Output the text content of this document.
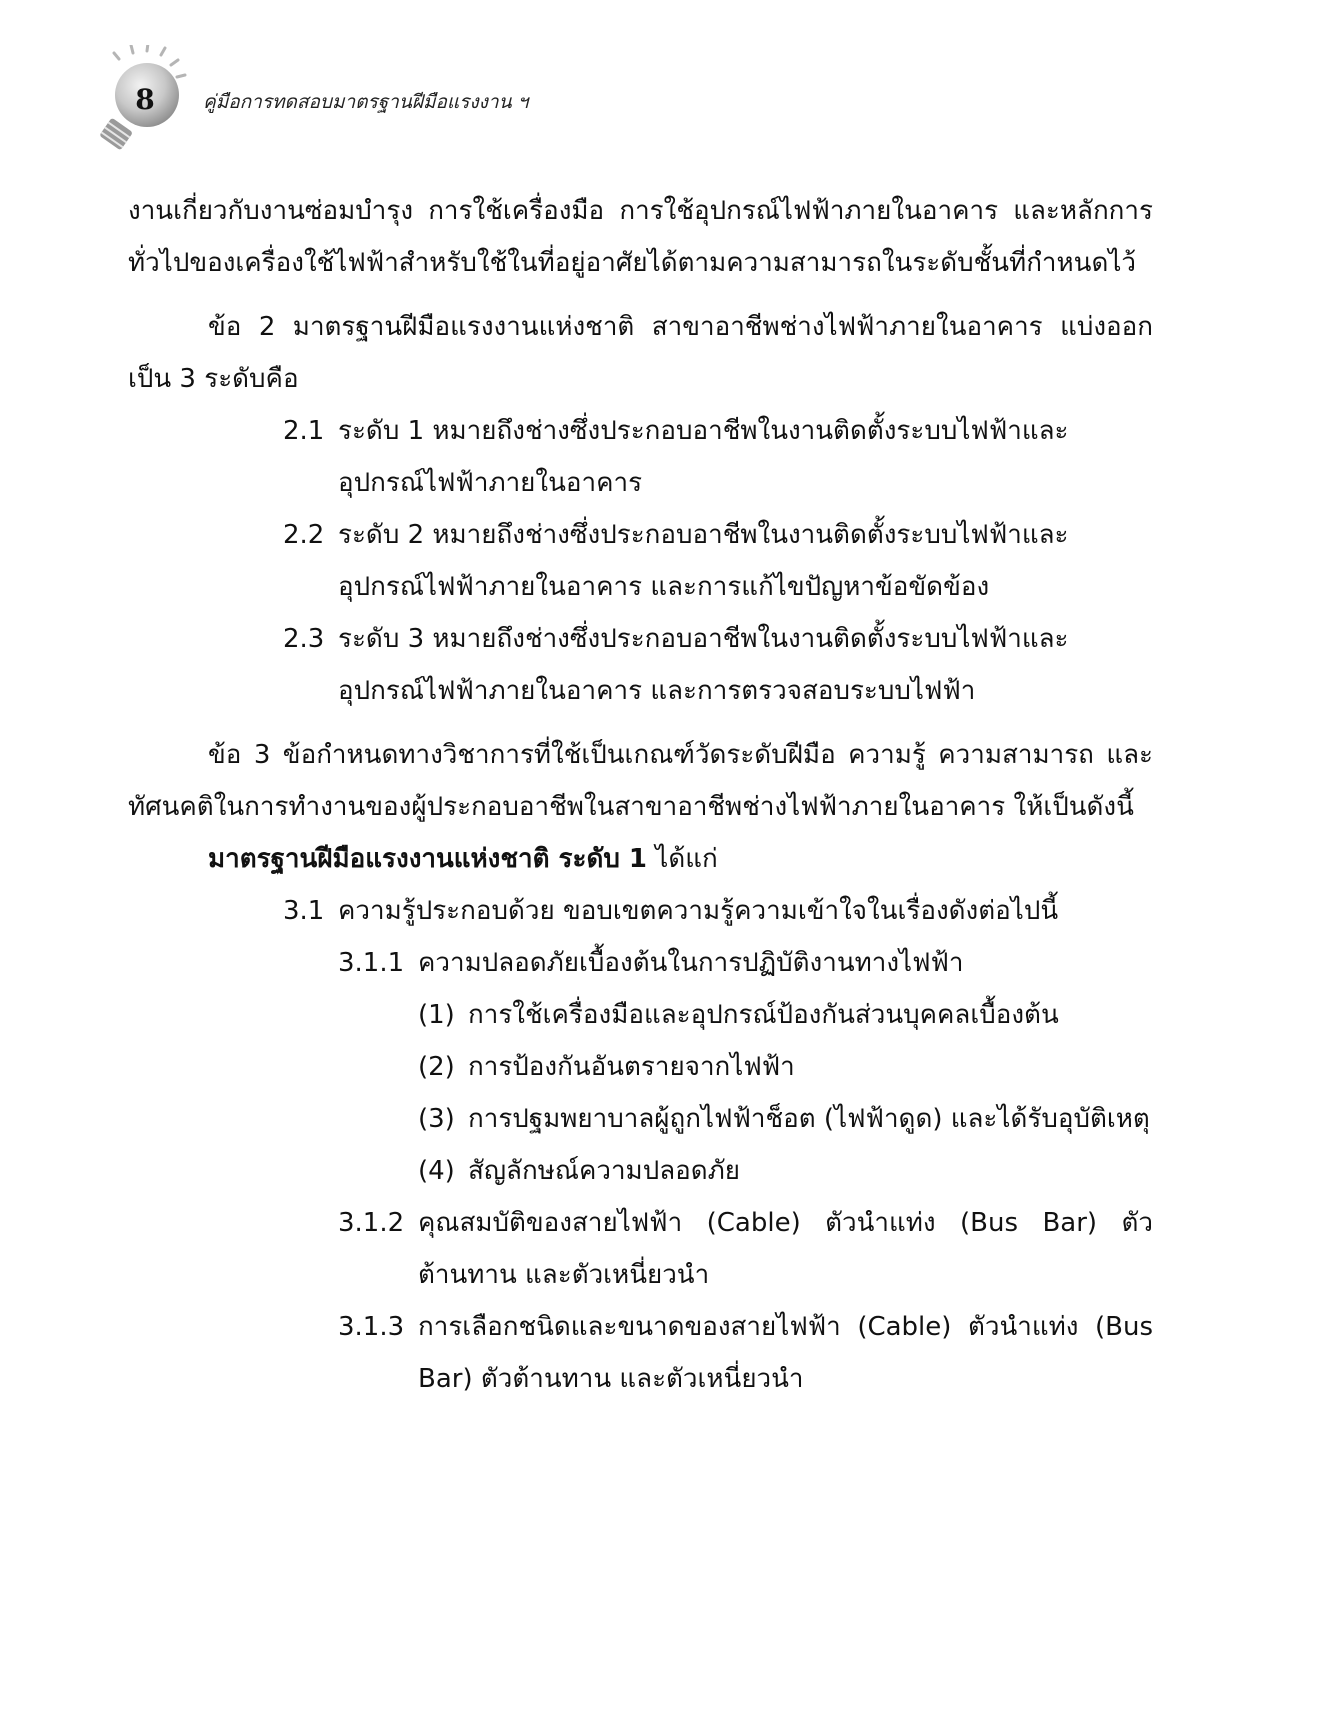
8	คู่มือการทดสอบมาตรฐานฝีมือแรงงาน ฯ

งานเกี่ยวกับงานซ่อมบำรุง การใช้เครื่องมือ การใช้อุปกรณ์ไฟฟ้าภายในอาคาร และหลักการทั่วไปของเครื่องใช้ไฟฟ้าสำหรับใช้ในที่อยู่อาศัยได้ตามความสามารถในระดับชั้นที่กำหนดไว้

ข้อ 2 มาตรฐานฝีมือแรงงานแห่งชาติ สาขาอาชีพช่างไฟฟ้าภายในอาคาร แบ่งออกเป็น 3 ระดับคือ

2.1 ระดับ 1 หมายถึงช่างซึ่งประกอบอาชีพในงานติดตั้งระบบไฟฟ้าและอุปกรณ์ไฟฟ้าภายในอาคาร
2.2 ระดับ 2 หมายถึงช่างซึ่งประกอบอาชีพในงานติดตั้งระบบไฟฟ้าและอุปกรณ์ไฟฟ้าภายในอาคาร และการแก้ไขปัญหาข้อขัดข้อง
2.3 ระดับ 3 หมายถึงช่างซึ่งประกอบอาชีพในงานติดตั้งระบบไฟฟ้าและอุปกรณ์ไฟฟ้าภายในอาคาร และการตรวจสอบระบบไฟฟ้า

ข้อ 3 ข้อกำหนดทางวิชาการที่ใช้เป็นเกณฑ์วัดระดับฝีมือ ความรู้ ความสามารถ และทัศนคติในการทำงานของผู้ประกอบอาชีพในสาขาอาชีพช่างไฟฟ้าภายในอาคาร ให้เป็นดังนี้

มาตรฐานฝีมือแรงงานแห่งชาติ ระดับ 1 ได้แก่

3.1 ความรู้ประกอบด้วย ขอบเขตความรู้ความเข้าใจในเรื่องดังต่อไปนี้
3.1.1 ความปลอดภัยเบื้องต้นในการปฏิบัติงานทางไฟฟ้า
(1) การใช้เครื่องมือและอุปกรณ์ป้องกันส่วนบุคคลเบื้องต้น
(2) การป้องกันอันตรายจากไฟฟ้า
(3) การปฐมพยาบาลผู้ถูกไฟฟ้าช็อต (ไฟฟ้าดูด) และได้รับอุบัติเหตุ
(4) สัญลักษณ์ความปลอดภัย
3.1.2 คุณสมบัติของสายไฟฟ้า (Cable) ตัวนำแท่ง (Bus Bar) ตัวต้านทาน และตัวเหนี่ยวนำ
3.1.3 การเลือกชนิดและขนาดของสายไฟฟ้า (Cable) ตัวนำแท่ง (Bus Bar) ตัวต้านทาน และตัวเหนี่ยวนำ
